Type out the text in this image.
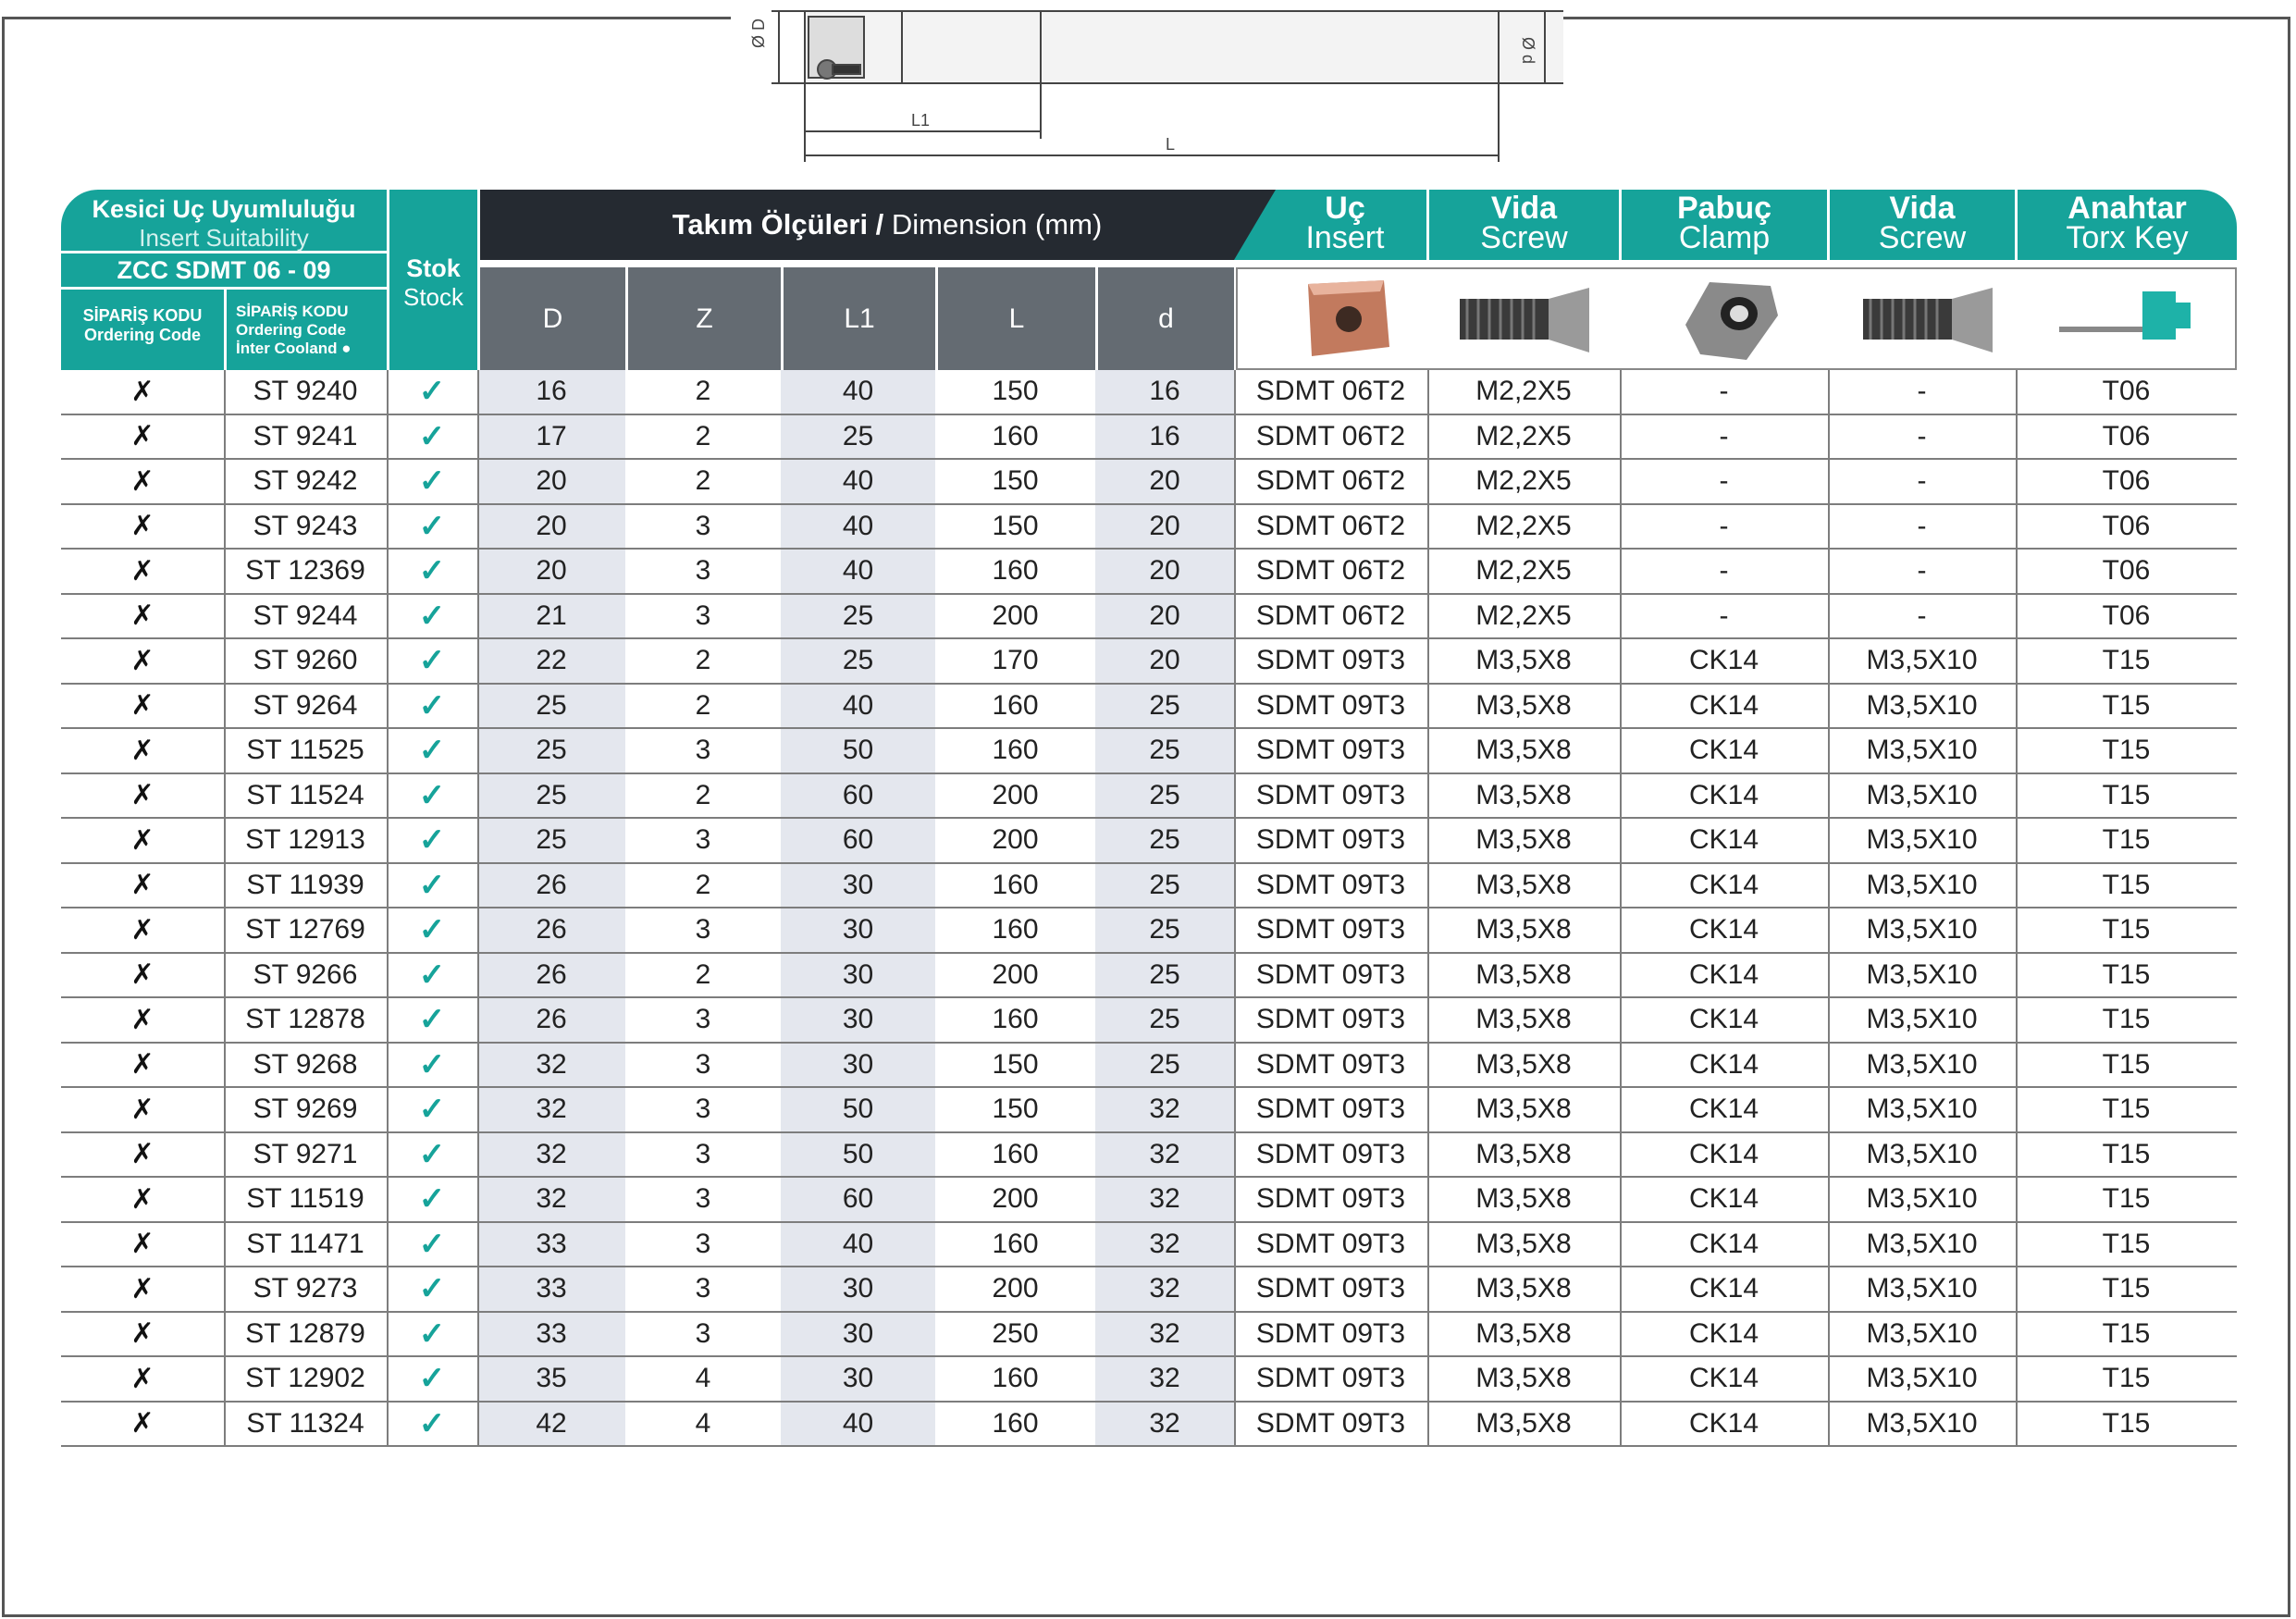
Ø D
Ø d
L1
L
Kesici Uç Uyumluluğu
Insert Suitability
ZCC SDMT 06 - 09
SİPARİŞ KODU
Ordering Code
SİPARİŞ KODU
Ordering Code
İnter Cooland ●
Stok
Stock
Takım Ölçüleri / Dimension (mm)
D	Z	L1	L	d
Uç
Insert
Vida
Screw
Pabuç
Clamp
Vida
Screw
Anahtar
Torx Key
✗	ST 9240	✓	16	2	40	150	16	SDMT 06T2	M2,2X5	-	-	T06
✗	ST 9241	✓	17	2	25	160	16	SDMT 06T2	M2,2X5	-	-	T06
✗	ST 9242	✓	20	2	40	150	20	SDMT 06T2	M2,2X5	-	-	T06
✗	ST 9243	✓	20	3	40	150	20	SDMT 06T2	M2,2X5	-	-	T06
✗	ST 12369	✓	20	3	40	160	20	SDMT 06T2	M2,2X5	-	-	T06
✗	ST 9244	✓	21	3	25	200	20	SDMT 06T2	M2,2X5	-	-	T06
✗	ST 9260	✓	22	2	25	170	20	SDMT 09T3	M3,5X8	CK14	M3,5X10	T15
✗	ST 9264	✓	25	2	40	160	25	SDMT 09T3	M3,5X8	CK14	M3,5X10	T15
✗	ST 11525	✓	25	3	50	160	25	SDMT 09T3	M3,5X8	CK14	M3,5X10	T15
✗	ST 11524	✓	25	2	60	200	25	SDMT 09T3	M3,5X8	CK14	M3,5X10	T15
✗	ST 12913	✓	25	3	60	200	25	SDMT 09T3	M3,5X8	CK14	M3,5X10	T15
✗	ST 11939	✓	26	2	30	160	25	SDMT 09T3	M3,5X8	CK14	M3,5X10	T15
✗	ST 12769	✓	26	3	30	160	25	SDMT 09T3	M3,5X8	CK14	M3,5X10	T15
✗	ST 9266	✓	26	2	30	200	25	SDMT 09T3	M3,5X8	CK14	M3,5X10	T15
✗	ST 12878	✓	26	3	30	160	25	SDMT 09T3	M3,5X8	CK14	M3,5X10	T15
✗	ST 9268	✓	32	3	30	150	25	SDMT 09T3	M3,5X8	CK14	M3,5X10	T15
✗	ST 9269	✓	32	3	50	150	32	SDMT 09T3	M3,5X8	CK14	M3,5X10	T15
✗	ST 9271	✓	32	3	50	160	32	SDMT 09T3	M3,5X8	CK14	M3,5X10	T15
✗	ST 11519	✓	32	3	60	200	32	SDMT 09T3	M3,5X8	CK14	M3,5X10	T15
✗	ST 11471	✓	33	3	40	160	32	SDMT 09T3	M3,5X8	CK14	M3,5X10	T15
✗	ST 9273	✓	33	3	30	200	32	SDMT 09T3	M3,5X8	CK14	M3,5X10	T15
✗	ST 12879	✓	33	3	30	250	32	SDMT 09T3	M3,5X8	CK14	M3,5X10	T15
✗	ST 12902	✓	35	4	30	160	32	SDMT 09T3	M3,5X8	CK14	M3,5X10	T15
✗	ST 11324	✓	42	4	40	160	32	SDMT 09T3	M3,5X8	CK14	M3,5X10	T15
